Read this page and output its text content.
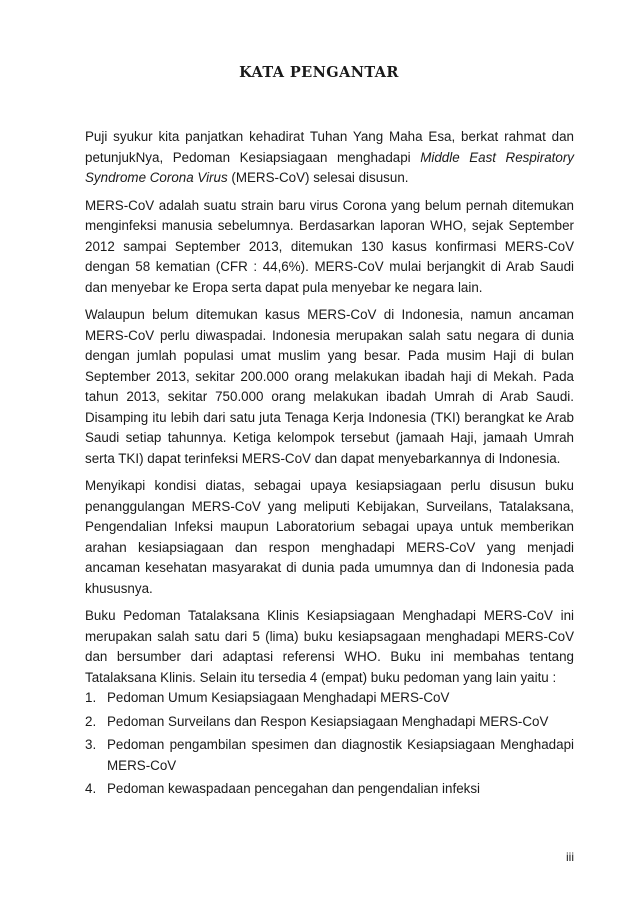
KATA PENGANTAR

Puji syukur kita panjatkan kehadirat Tuhan Yang Maha Esa, berkat rahmat dan petunjukNya, Pedoman Kesiapsiagaan menghadapi Middle East Respiratory Syndrome Corona Virus (MERS-CoV) selesai disusun.

MERS-CoV adalah suatu strain baru virus Corona yang belum pernah ditemukan menginfeksi manusia sebelumnya. Berdasarkan laporan WHO, sejak September 2012 sampai September 2013, ditemukan 130 kasus konfirmasi MERS-CoV dengan 58 kematian (CFR : 44,6%). MERS-CoV mulai berjangkit di Arab Saudi dan menyebar ke Eropa serta dapat pula menyebar ke negara lain.

Walaupun belum ditemukan kasus MERS-CoV di Indonesia, namun ancaman MERS-CoV perlu diwaspadai. Indonesia merupakan salah satu negara di dunia dengan jumlah populasi umat muslim yang besar. Pada musim Haji di bulan September 2013, sekitar 200.000 orang melakukan ibadah haji di Mekah. Pada tahun 2013, sekitar 750.000 orang melakukan ibadah Umrah di Arab Saudi. Disamping itu lebih dari satu juta Tenaga Kerja Indonesia (TKI) berangkat ke Arab Saudi setiap tahunnya. Ketiga kelompok tersebut (jamaah Haji, jamaah Umrah serta TKI) dapat terinfeksi MERS-CoV dan dapat menyebarkannya di Indonesia.

Menyikapi kondisi diatas, sebagai upaya kesiapsiagaan perlu disusun buku penanggulangan MERS-CoV yang meliputi Kebijakan, Surveilans, Tatalaksana, Pengendalian Infeksi maupun Laboratorium sebagai upaya untuk memberikan arahan kesiapsiagaan dan respon menghadapi MERS-CoV yang menjadi ancaman kesehatan masyarakat di dunia pada umumnya dan di Indonesia pada khususnya.

Buku Pedoman Tatalaksana Klinis Kesiapsiagaan Menghadapi MERS-CoV ini merupakan salah satu dari 5 (lima) buku kesiapsagaan menghadapi MERS-CoV dan bersumber dari adaptasi referensi WHO. Buku ini membahas tentang Tatalaksana Klinis. Selain itu tersedia 4 (empat) buku pedoman yang lain yaitu :

1. Pedoman Umum Kesiapsiagaan Menghadapi MERS-CoV
2. Pedoman Surveilans dan Respon Kesiapsiagaan Menghadapi MERS-CoV
3. Pedoman pengambilan spesimen dan diagnostik Kesiapsiagaan Menghadapi MERS-CoV
4. Pedoman kewaspadaan pencegahan dan pengendalian infeksi
iii
